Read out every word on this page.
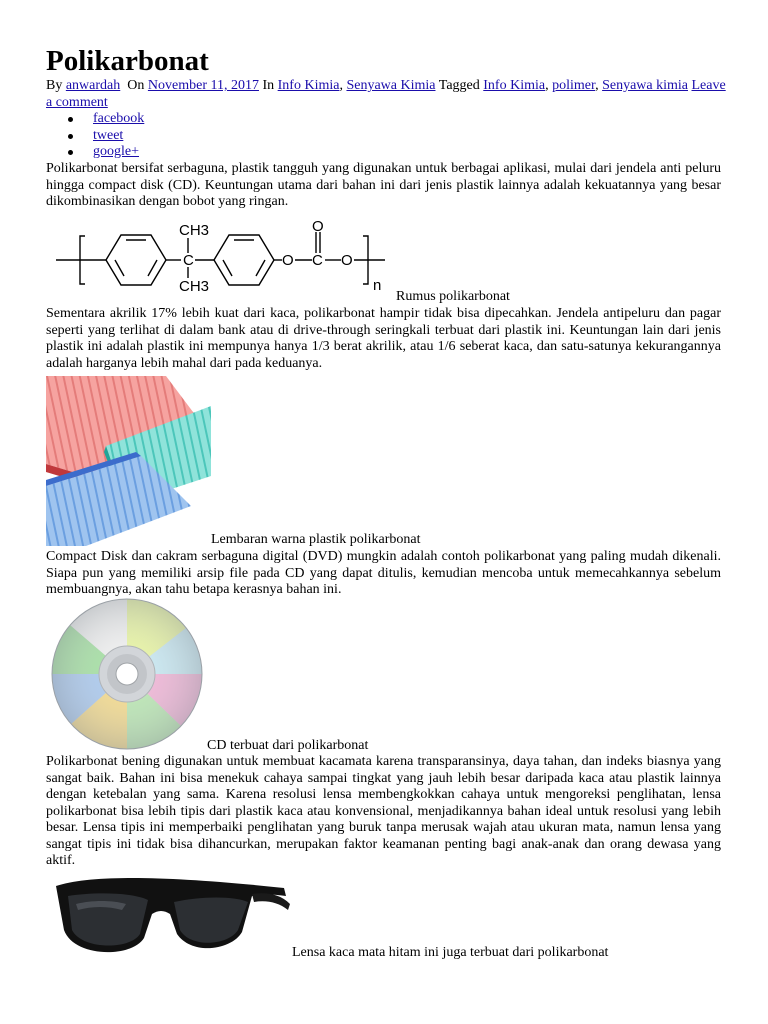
Polikarbonat
By anwardah On November 11, 2017 In Info Kimia, Senyawa Kimia Tagged Info Kimia, polimer, Senyawa kimia Leave a comment
facebook
tweet
google+

Polikarbonat bersifat serbaguna, plastik tangguh yang digunakan untuk berbagai aplikasi, mulai dari jendela anti peluru hingga compact disk (CD). Keuntungan utama dari bahan ini dari jenis plastik lainnya adalah kekuatannya yang besar dikombinasikan dengan bobot yang ringan.

CH3
C
CH3
O C
O
O
n
Rumus polikarbonat

Sementara akrilik 17% lebih kuat dari kaca, polikarbonat hampir tidak bisa dipecahkan. Jendela antipeluru dan pagar seperti yang terlihat di dalam bank atau di drive-through seringkali terbuat dari plastik ini. Keuntungan lain dari jenis plastik ini adalah plastik ini mempunya hanya 1/3 berat akrilik, atau 1/6 seberat kaca, dan satu-satunya kekurangannya adalah harganya lebih mahal dari pada keduanya.

Lembaran warna plastik polikarbonat

Compact Disk dan cakram serbaguna digital (DVD) mungkin adalah contoh polikarbonat yang paling mudah dikenali. Siapa pun yang memiliki arsip file pada CD yang dapat ditulis, kemudian mencoba untuk memecahkannya sebelum membuangnya, akan tahu betapa kerasnya bahan ini.

CD terbuat dari polikarbonat

Polikarbonat bening digunakan untuk membuat kacamata karena transparansinya, daya tahan, dan indeks biasnya yang sangat baik. Bahan ini bisa menekuk cahaya sampai tingkat yang jauh lebih besar daripada kaca atau plastik lainnya dengan ketebalan yang sama. Karena resolusi lensa membengkokkan cahaya untuk mengoreksi penglihatan, lensa polikarbonat bisa lebih tipis dari plastik kaca atau konvensional, menjadikannya bahan ideal untuk resolusi yang lebih besar. Lensa tipis ini memperbaiki penglihatan yang buruk tanpa merusak wajah atau ukuran mata, namun lensa yang sangat tipis ini tidak bisa dihancurkan, merupakan faktor keamanan penting bagi anak-anak dan orang dewasa yang aktif.

Lensa kaca mata hitam ini juga terbuat dari polikarbonat
